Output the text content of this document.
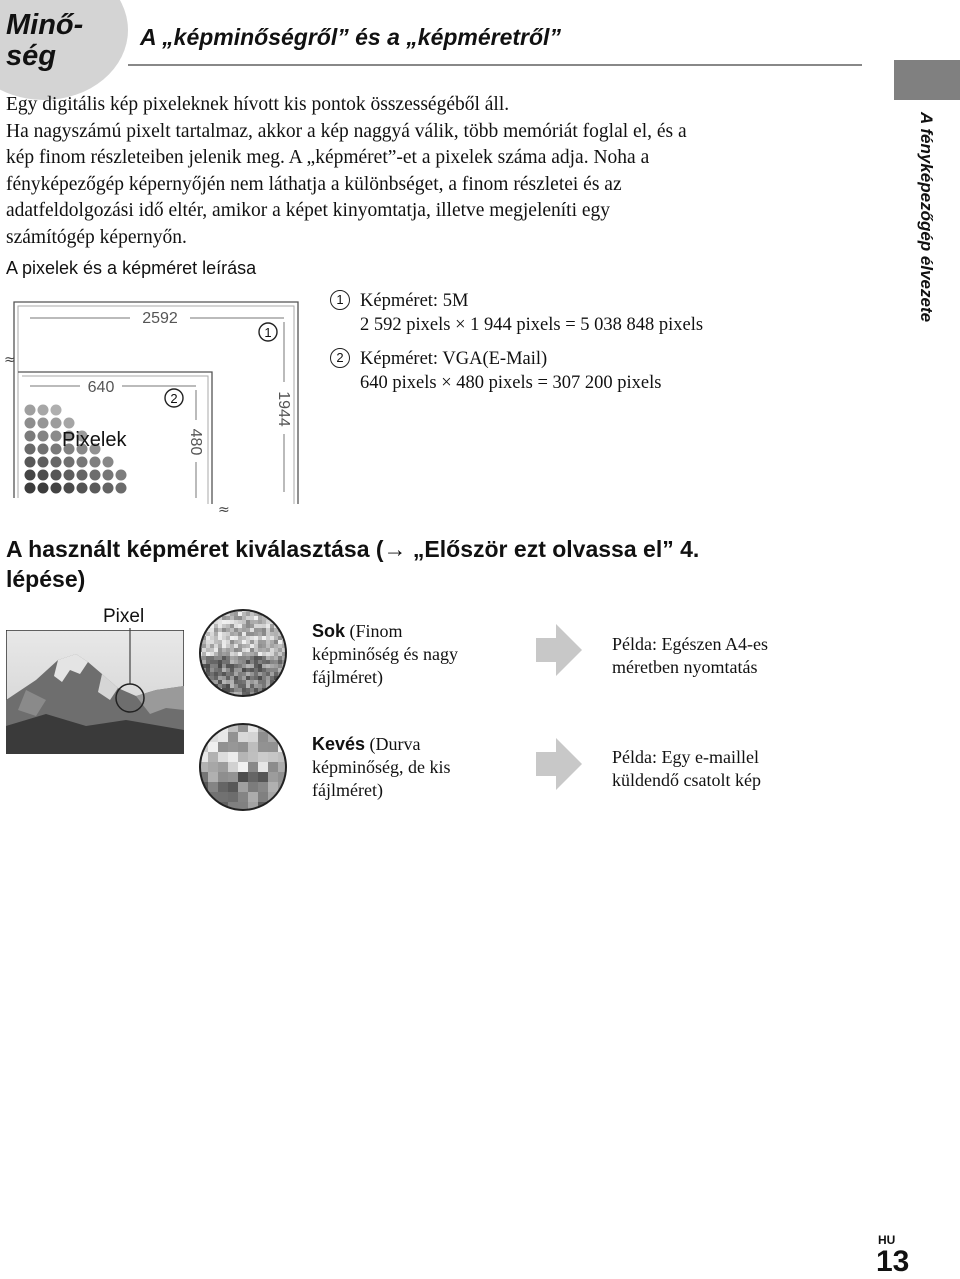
Minő-
ség
A „képminőségről” és a „képméretről”
A fényképezőgép élvezete
Egy digitális kép pixeleknek hívott kis pontok összességéből áll.
Ha nagyszámú pixelt tartalmaz, akkor a kép naggyá válik, több memóriát foglal el, és a
kép finom részleteiben jelenik meg. A „képméret”-et a pixelek száma adja. Noha a
fényképezőgép képernyőjén nem láthatja a különbséget, a finom részletei és az
adatfeldolgozási idő eltér, amikor a képet kinyomtatja, illetve megjeleníti egy
számítógép képernyőn.
A pixelek és a képméret leírása
2592
640
1944
480
Pixelek
1
2
≈
≈
1 Képméret: 5M
2 592 pixels × 1 944 pixels = 5 038 848 pixels
2 Képméret: VGA(E-Mail)
640 pixels × 480 pixels = 307 200 pixels
A használt képméret kiválasztása (→ „Először ezt olvassa el” 4.
lépése)
Pixel
Sok (Finom
képminőség és nagy
fájlméret)
Kevés (Durva
képminőség, de kis
fájlméret)
Példa: Egészen A4-es
méretben nyomtatás
Példa: Egy e-maillel
küldendő csatolt kép
HU
13
